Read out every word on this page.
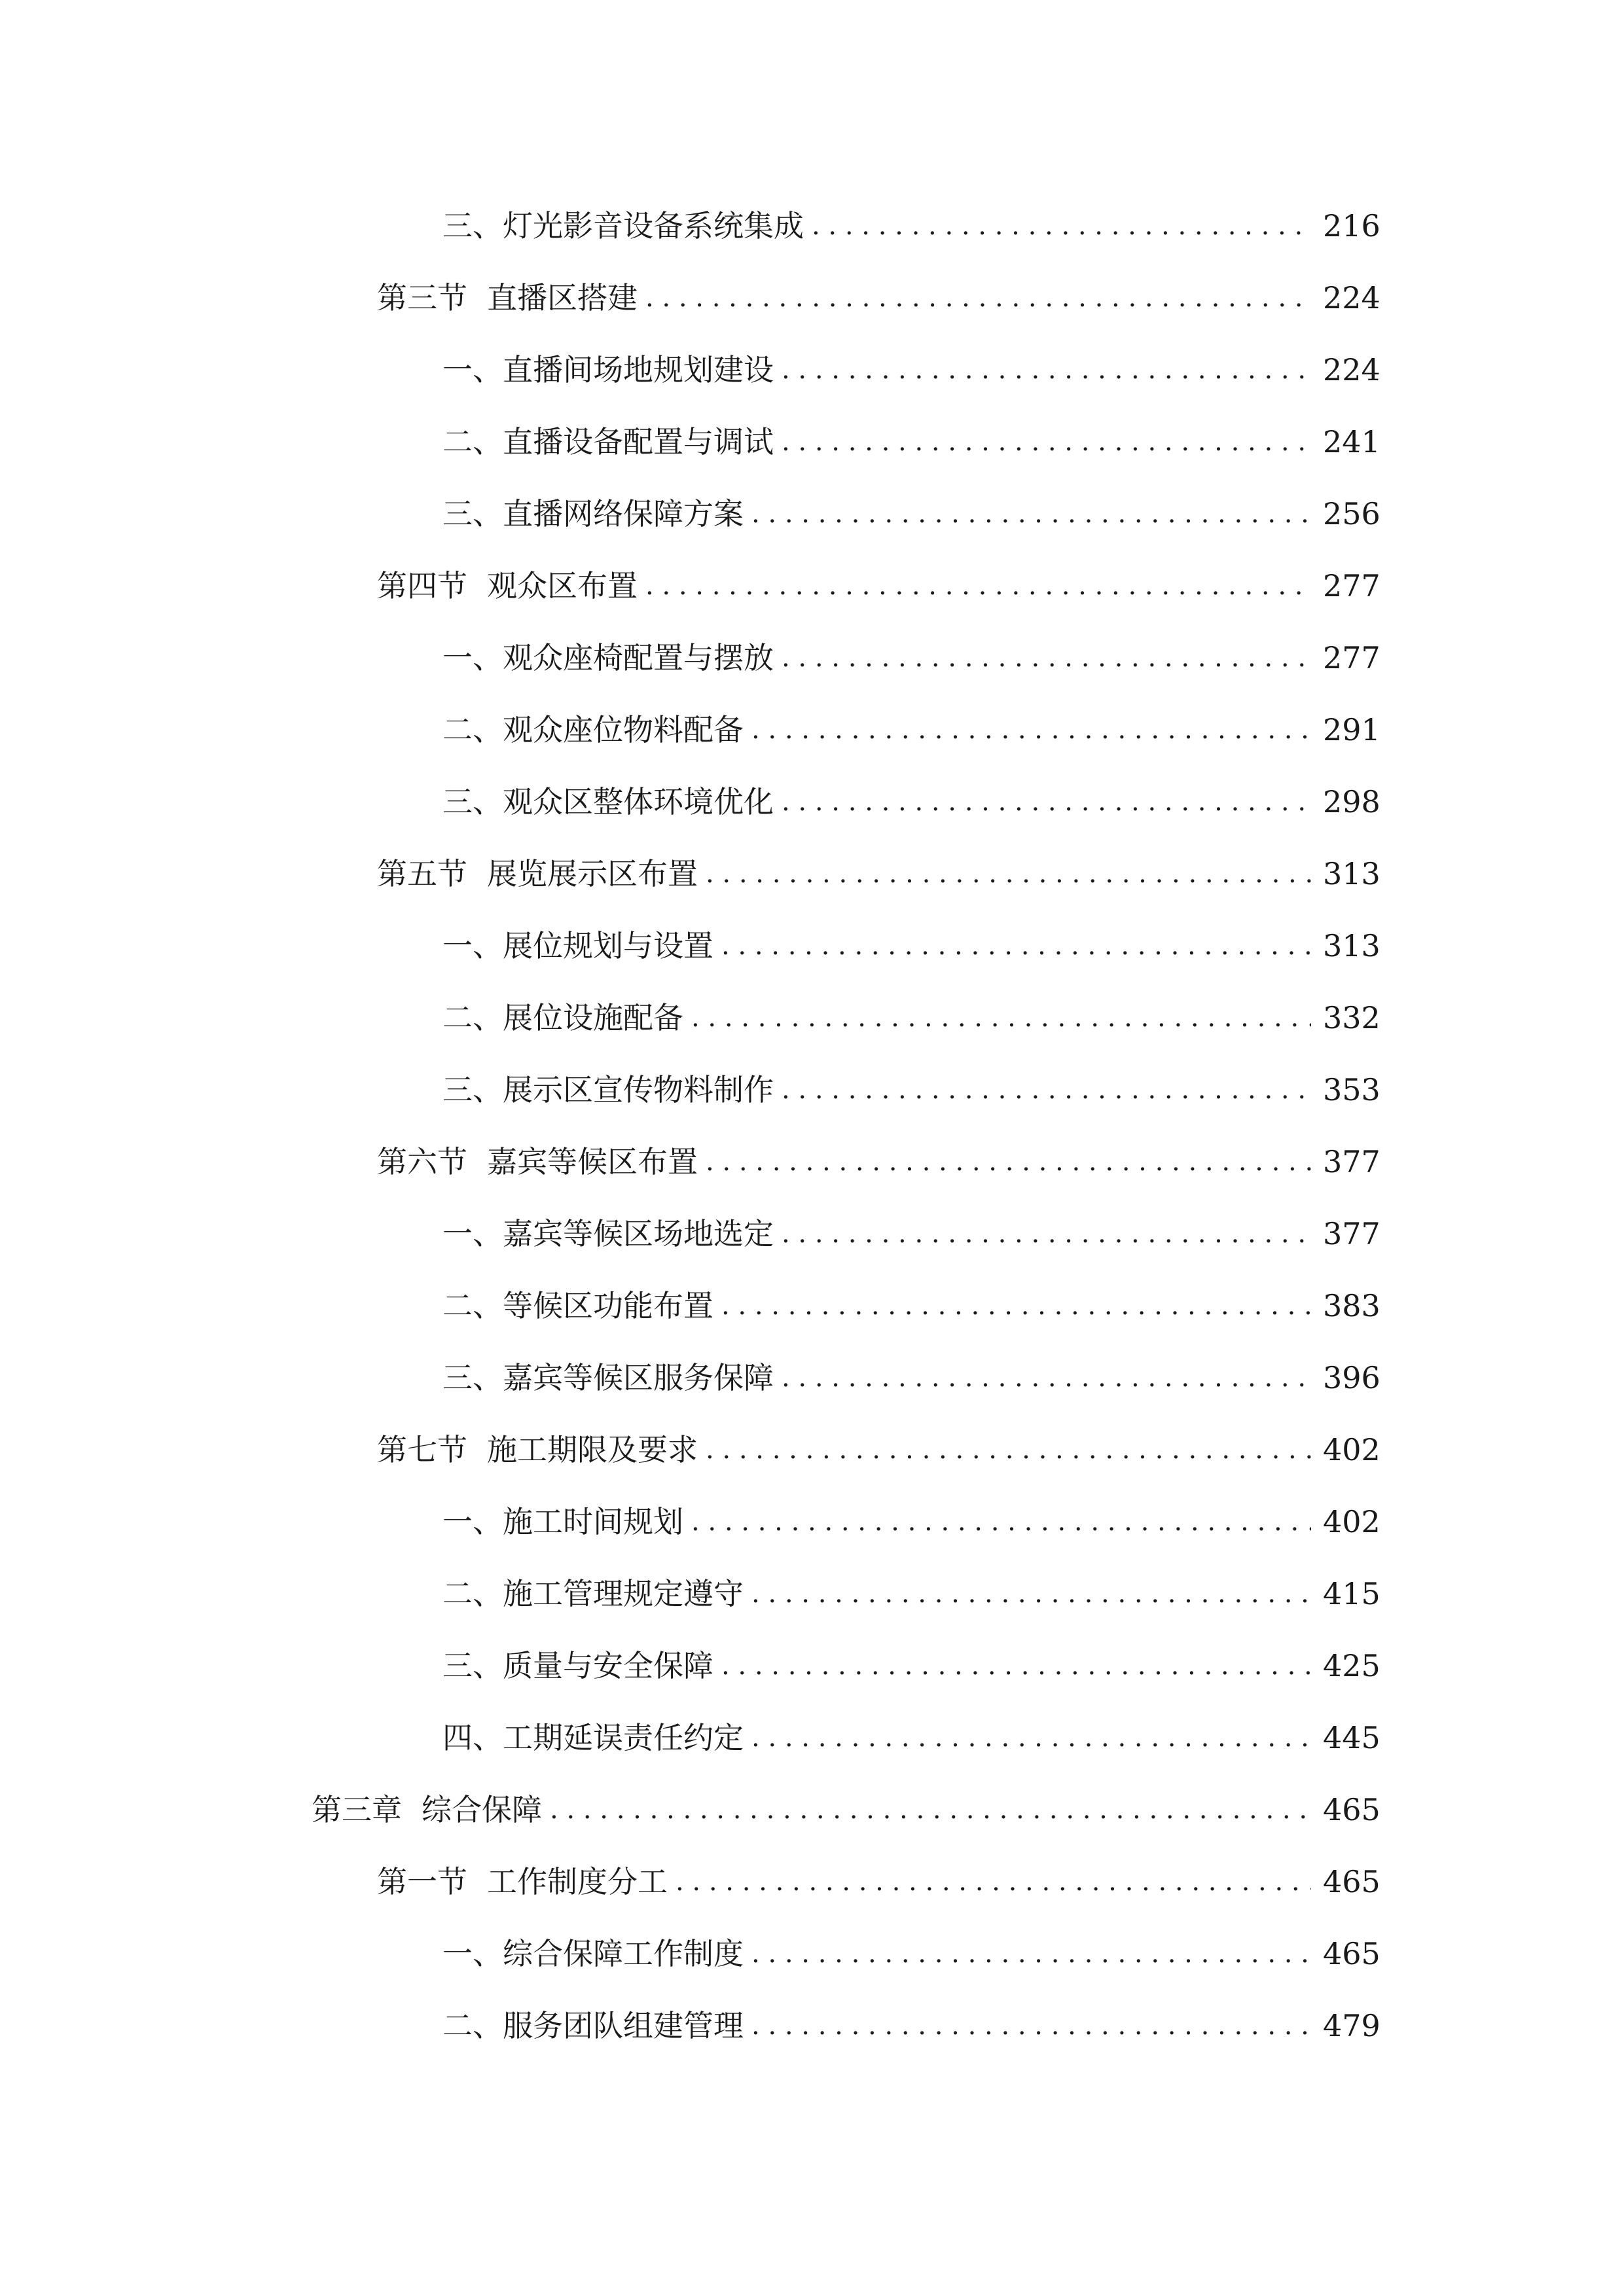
三、 灯光影音设备系统集成 . . .	216
第三节 直播区搭建 . . .	224
一、 直播间场地规划建设 . . .	224
二、 直播设备配置与调试 . . .	241
三、 直播网络保障方案 . . .	256
第四节 观众区布置 . . .	277
一、 观众座椅配置与摆放 . . .	277
二、 观众座位物料配备 . . .	291
三、 观众区整体环境优化 . . .	298
第五节 展览展示区布置 . . .	313
一、 展位规划与设置 . . .	313
二、 展位设施配备 . . .	332
三、 展示区宣传物料制作 . . .	353
第六节 嘉宾等候区布置 . . .	377
一、 嘉宾等候区场地选定 . . .	377
二、 等候区功能布置 . . .	383
三、 嘉宾等候区服务保障 . . .	396
第七节 施工期限及要求 . . .	402
一、 施工时间规划 . . .	402
二、 施工管理规定遵守 . . .	415
三、 质量与安全保障 . . .	425
四、 工期延误责任约定 . . .	445
第三章 综合保障 . . .	465
第一节 工作制度分工 . . .	465
一、 综合保障工作制度 . . .	465
二、 服务团队组建管理 . . .	479
